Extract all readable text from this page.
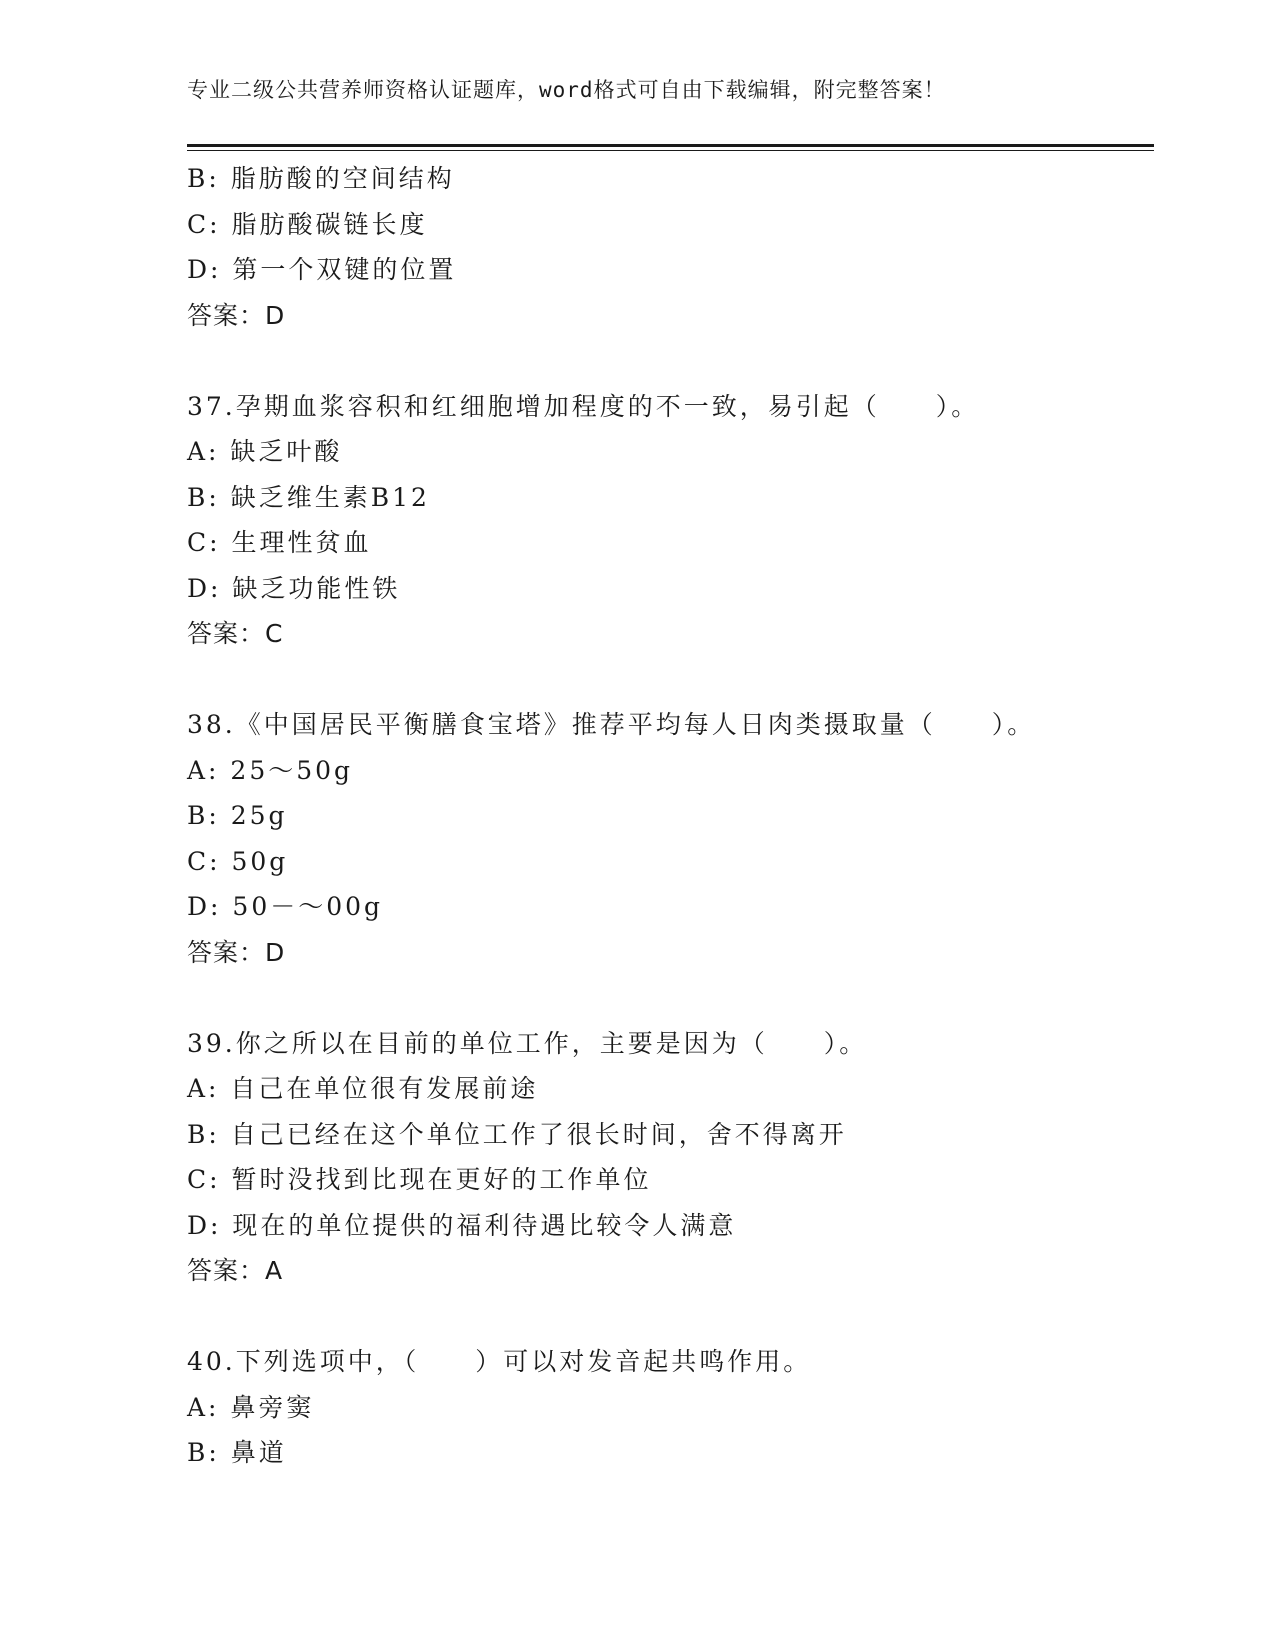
专业二级公共营养师资格认证题库，word格式可自由下载编辑，附完整答案！
B: 脂肪酸的空间结构
C: 脂肪酸碳链长度
D: 第一个双键的位置
答案：D
37.孕期血浆容积和红细胞增加程度的不一致，易引起（　　）。
A: 缺乏叶酸
B: 缺乏维生素B12
C: 生理性贫血
D: 缺乏功能性铁
答案：C
38.《中国居民平衡膳食宝塔》推荐平均每人日肉类摄取量（　　）。
A: 25～50g
B: 25g
C: 50g
D: 50－～00g
答案：D
39.你之所以在目前的单位工作，主要是因为（　　）。
A: 自己在单位很有发展前途
B: 自己已经在这个单位工作了很长时间，舍不得离开
C: 暂时没找到比现在更好的工作单位
D: 现在的单位提供的福利待遇比较令人满意
答案：A
40.下列选项中，（　　）可以对发音起共鸣作用。
A: 鼻旁窦
B: 鼻道
